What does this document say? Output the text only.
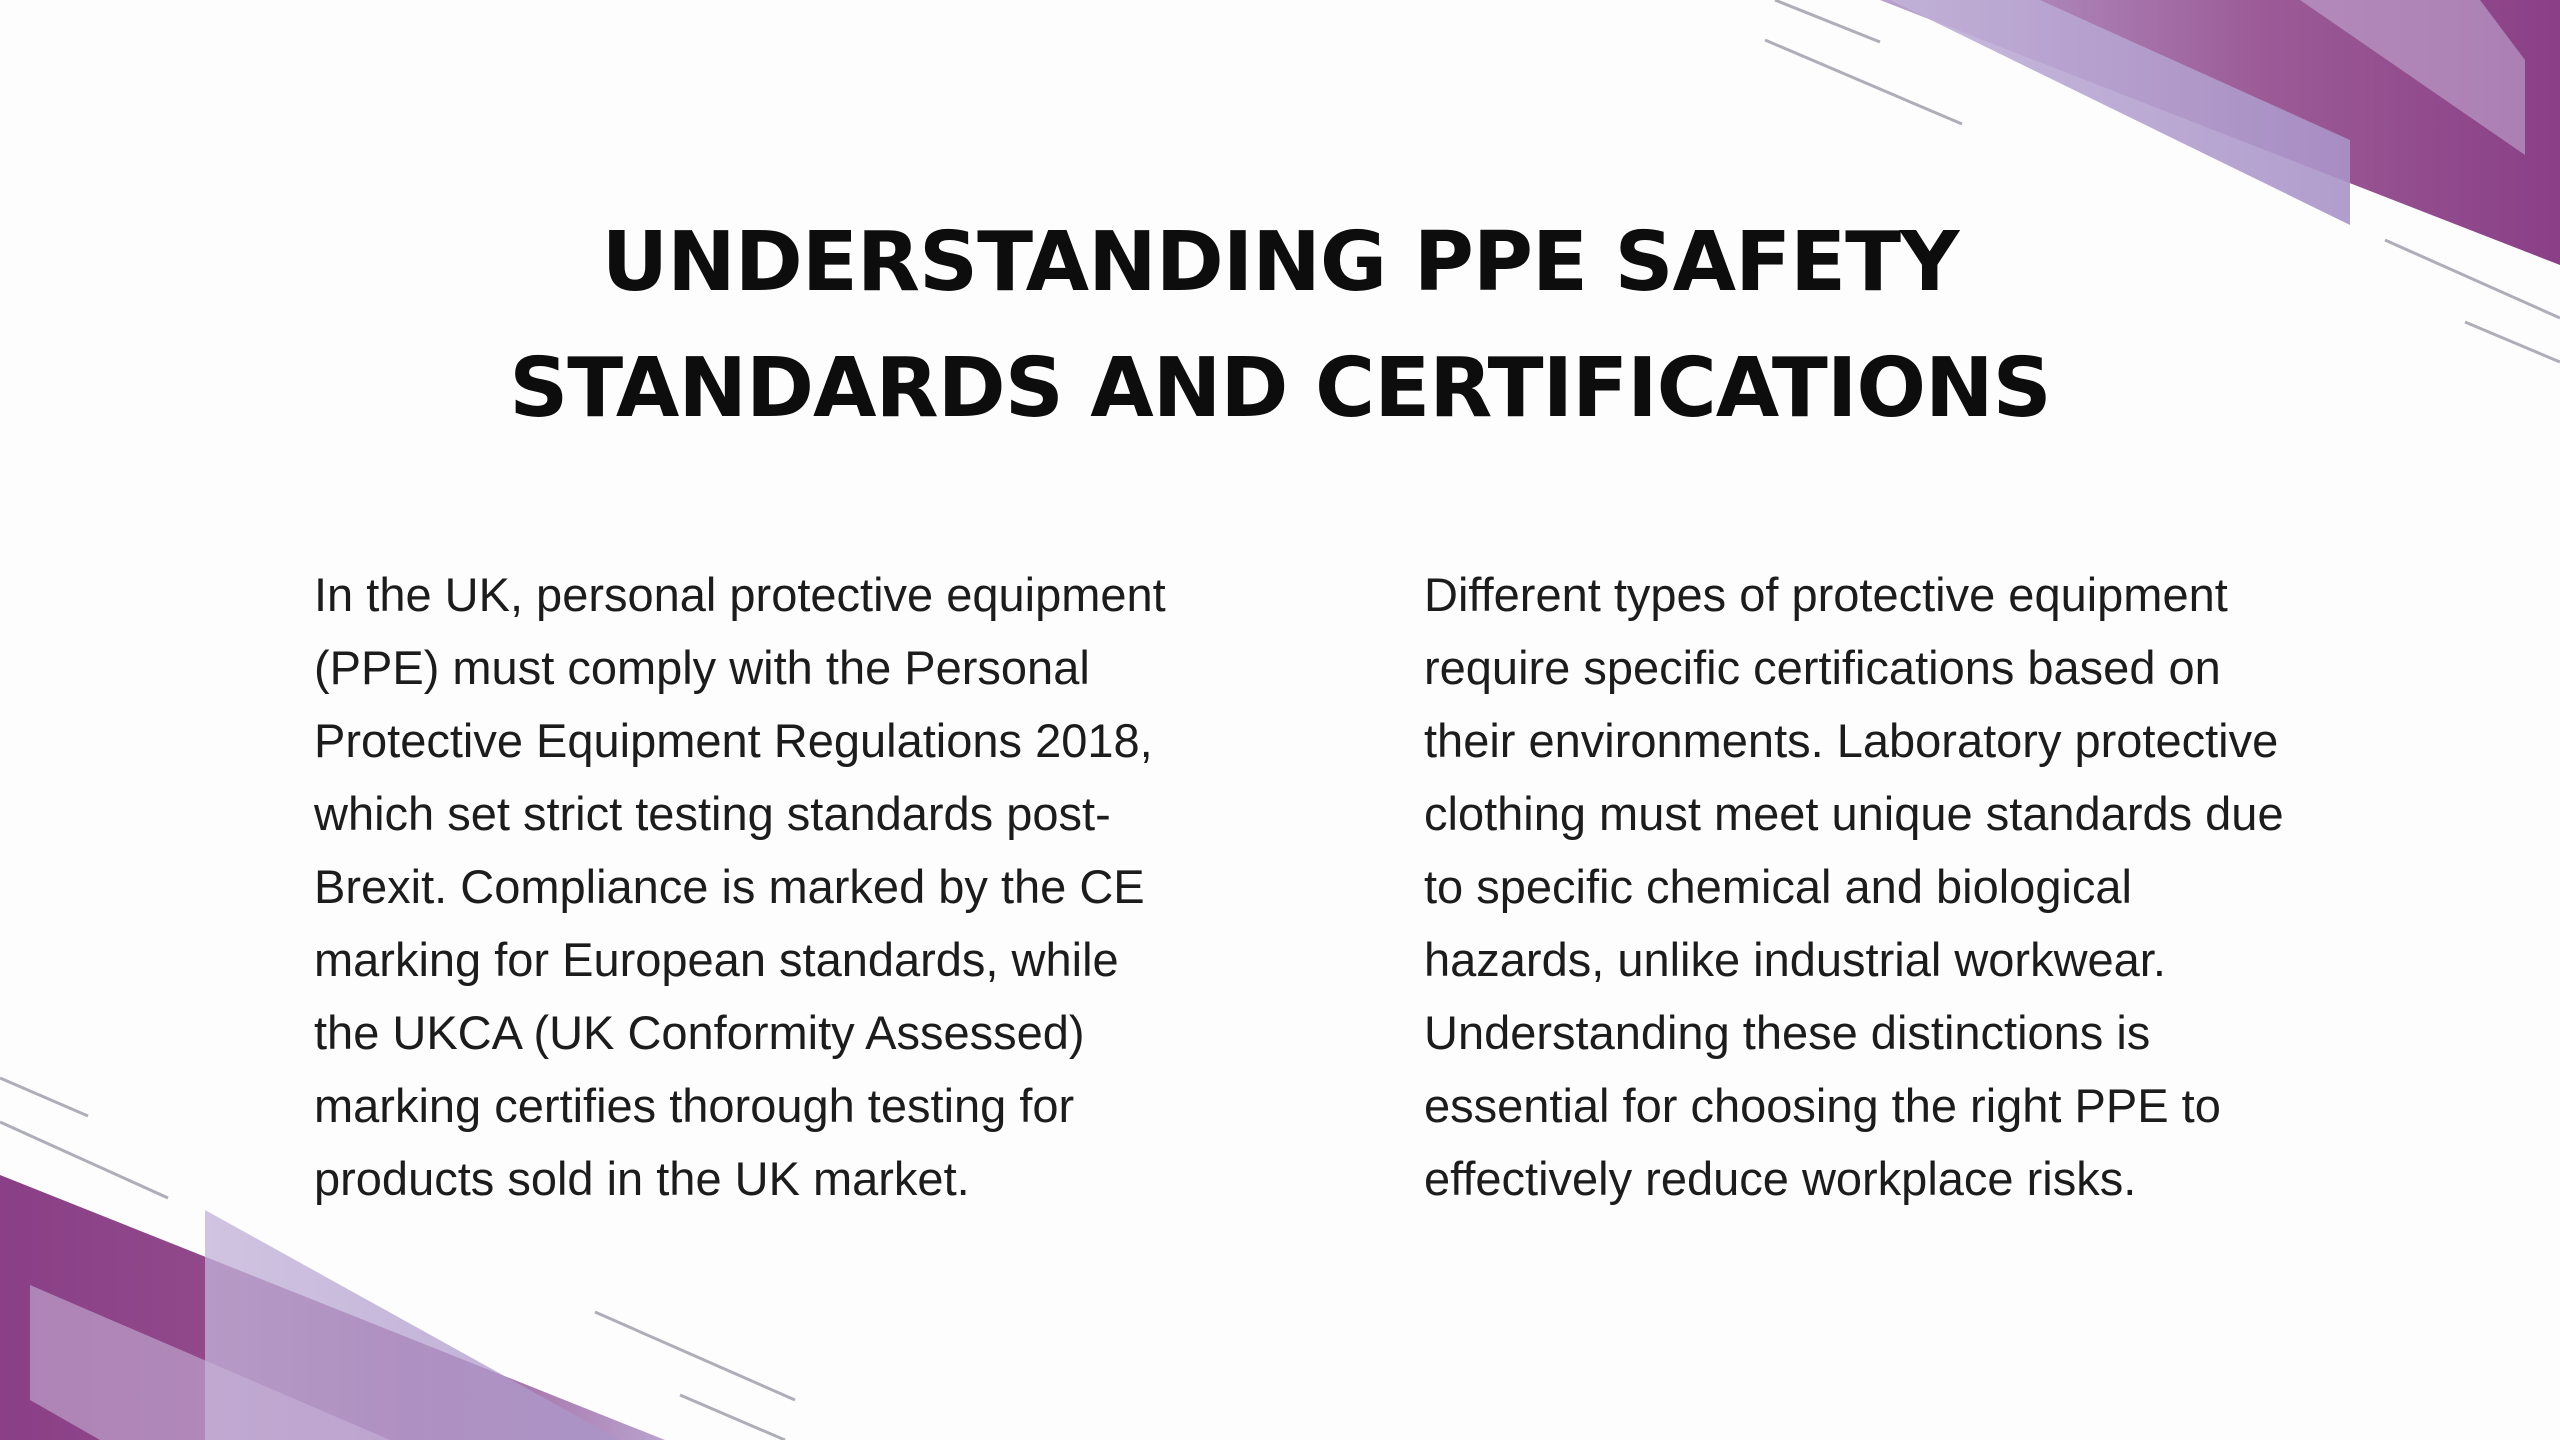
UNDERSTANDING PPE SAFETY
STANDARDS AND CERTIFICATIONS

In the UK, personal protective equipment (PPE) must comply with the Personal Protective Equipment Regulations 2018, which set strict testing standards post-Brexit. Compliance is marked by the CE marking for European standards, while the UKCA (UK Conformity Assessed) marking certifies thorough testing for products sold in the UK market.

Different types of protective equipment require specific certifications based on their environments. Laboratory protective clothing must meet unique standards due to specific chemical and biological hazards, unlike industrial workwear. Understanding these distinctions is essential for choosing the right PPE to effectively reduce workplace risks.
